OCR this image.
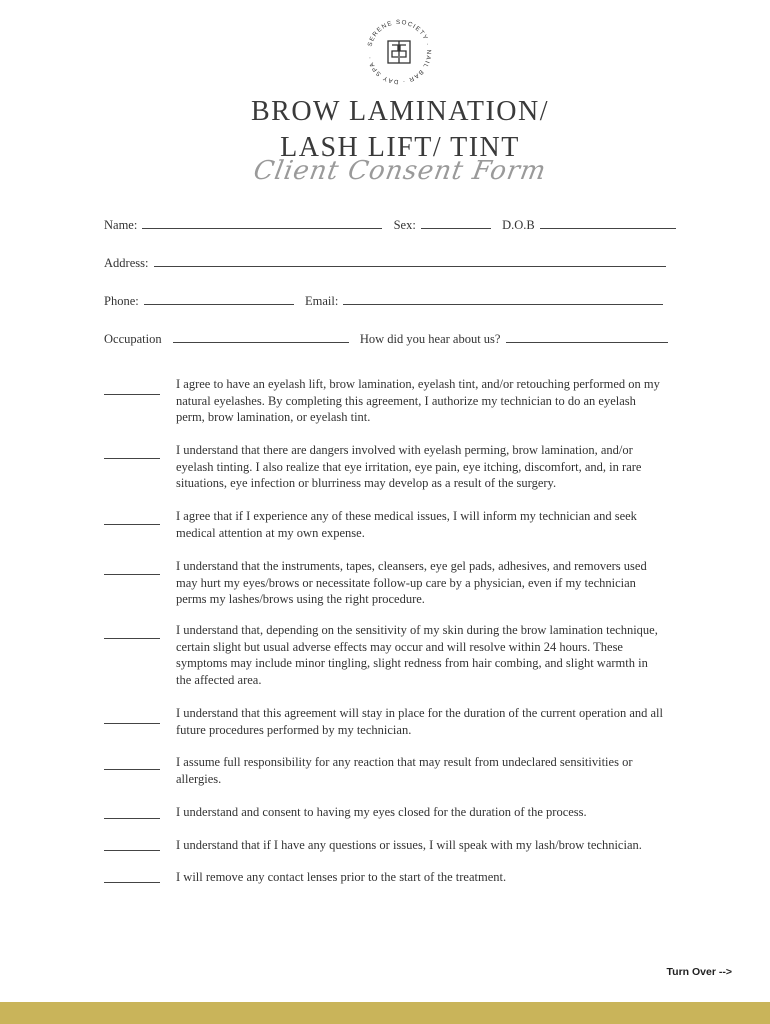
SERENE SOCIETY · NAIL BAR · DAY SPA ·
BROW LAMINATION/
LASH LIFT/ TINT
Client Consent Form
Name:	Sex:	D.O.B
Address:
Phone:	Email:
Occupation	How did you hear about us?
I agree to have an eyelash lift, brow lamination, eyelash tint, and/or retouching performed on my natural eyelashes. By completing this agreement, I authorize my technician to do an eyelash perm, brow lamination, or eyelash tint.
I understand that there are dangers involved with eyelash perming, brow lamination, and/or eyelash tinting. I also realize that eye irritation, eye pain, eye itching, discomfort, and, in rare situations, eye infection or blurriness may develop as a result of the surgery.
I agree that if I experience any of these medical issues, I will inform my technician and seek medical attention at my own expense.
I understand that the instruments, tapes, cleansers, eye gel pads, adhesives, and removers used may hurt my eyes/brows or necessitate follow-up care by a physician, even if my technician perms my lashes/brows using the right procedure.
I understand that, depending on the sensitivity of my skin during the brow lamination technique, certain slight but usual adverse effects may occur and will resolve within 24 hours. These symptoms may include minor tingling, slight redness from hair combing, and slight warmth in the affected area.
I understand that this agreement will stay in place for the duration of the current operation and all future procedures performed by my technician.
I assume full responsibility for any reaction that may result from undeclared sensitivities or allergies.
I understand and consent to having my eyes closed for the duration of the process.
I understand that if I have any questions or issues, I will speak with my lash/brow technician.
I will remove any contact lenses prior to the start of the treatment.
Turn Over -->
